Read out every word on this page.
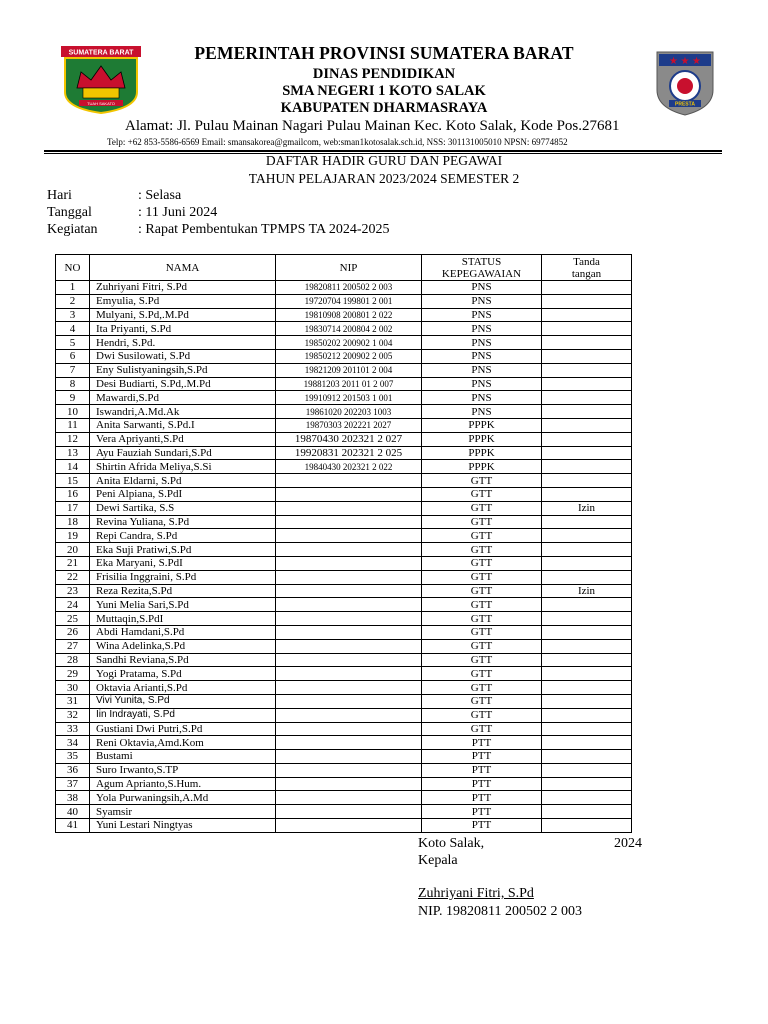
SUMATERA BARAT
TUAH SAKATO
★ ★ ★
PRESTA
PEMERINTAH PROVINSI SUMATERA BARAT
DINAS PENDIDIKAN
SMA NEGERI 1 KOTO SALAK
KABUPATEN DHARMASRAYA
Alamat: Jl. Pulau Mainan Nagari Pulau Mainan Kec. Koto Salak, Kode Pos.27681
Telp: +62 853-5586-6569 Email: smansakorea@gmailcom, web:sman1kotosalak.sch.id, NSS: 301131005010 NPSN: 69774852
DAFTAR HADIR GURU DAN PEGAWAI
TAHUN PELAJARAN 2023/2024 SEMESTER 2
Hari	: Selasa
Tanggal	: 11 Juni 2024
Kegiatan	: Rapat Pembentukan TPMPS TA 2024-2025
NO	NAMA	NIP	STATUS
KEPEGAWAIAN	Tanda
tangan
1	Zuhriyani Fitri, S.Pd	19820811 200502 2 003	PNS	
2	Emyulia, S.Pd	19720704 199801 2 001	PNS	
3	Mulyani, S.Pd,.M.Pd	19810908 200801 2 022	PNS	
4	Ita Priyanti, S.Pd	19830714 200804 2 002	PNS	
5	Hendri, S.Pd.	19850202 200902 1 004	PNS	
6	Dwi Susilowati, S.Pd	19850212 200902 2 005	PNS	
7	Eny Sulistyaningsih,S.Pd	19821209 201101 2 004	PNS	
8	Desi Budiarti, S.Pd,.M.Pd	19881203 2011 01 2 007	PNS	
9	Mawardi,S.Pd	19910912 201503 1 001	PNS	
10	Iswandri,A.Md.Ak	19861020 202203 1003	PNS	
11	Anita Sarwanti, S.Pd.I	19870303 202221 2027	PPPK	
12	Vera Apriyanti,S.Pd	19870430 202321 2 027	PPPK	
13	Ayu Fauziah Sundari,S.Pd	19920831 202321 2 025	PPPK	
14	Shirtin Afrida Meliya,S.Si	19840430 202321 2 022	PPPK	
15	Anita Eldarni, S.Pd		GTT	
16	Peni Alpiana, S.PdI		GTT	
17	Dewi Sartika, S.S		GTT	Izin
18	Revina Yuliana, S.Pd		GTT	
19	Repi Candra, S.Pd		GTT	
20	Eka Suji Pratiwi,S.Pd		GTT	
21	Eka Maryani, S.PdI		GTT	
22	Frisilia Inggraini, S.Pd		GTT	
23	Reza Rezita,S.Pd		GTT	Izin
24	Yuni Melia Sari,S.Pd		GTT	
25	Muttaqin,S.PdI		GTT	
26	Abdi Hamdani,S.Pd		GTT	
27	Wina Adelinka,S.Pd		GTT	
28	Sandhi Reviana,S.Pd		GTT	
29	Yogi Pratama, S.Pd		GTT	
30	Oktavia Arianti,S.Pd		GTT	
31	Vivi Yunita, S.Pd		GTT	
32	Iin Indrayati, S.Pd		GTT	
33	Gustiani Dwi Putri,S.Pd		GTT	
34	Reni Oktavia,Amd.Kom		PTT	
35	Bustami		PTT	
36	Suro Irwanto,S.TP		PTT	
37	Agum Aprianto,S.Hum.		PTT	
38	Yola Purwaningsih,A.Md		PTT	
40	Syamsir		PTT	
41	Yuni Lestari Ningtyas		PTT	
Koto Salak,	2024
Kepala
Zuhriyani Fitri, S.Pd
NIP. 19820811 200502 2 003
